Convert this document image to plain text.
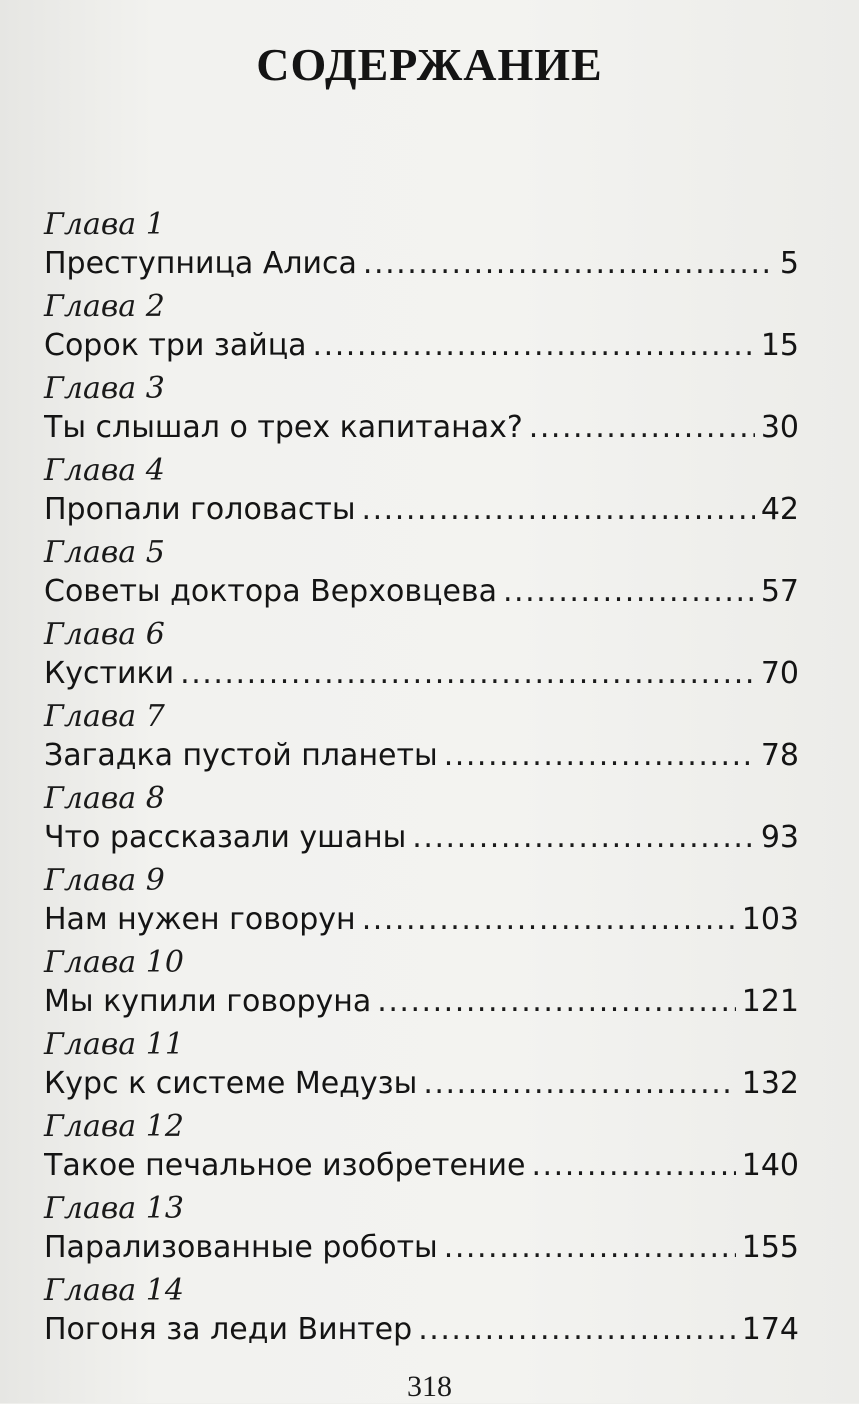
СОДЕРЖАНИЕ
Глава 1
Преступница Алиса . . .	5
Глава 2
Сорок три зайца . . .	15
Глава 3
Ты слышал о трех капитанах? . . .	30
Глава 4
Пропали головасты . . .	42
Глава 5
Советы доктора Верховцева . . .	57
Глава 6
Кустики . . .	70
Глава 7
Загадка пустой планеты . . .	78
Глава 8
Что рассказали ушаны . . .	93
Глава 9
Нам нужен говорун . . .	103
Глава 10
Мы купили говоруна . . .	121
Глава 11
Курс к системе Медузы . . .	132
Глава 12
Такое печальное изобретение . . .	140
Глава 13
Парализованные роботы . . .	155
Глава 14
Погоня за леди Винтер . . .	174
318
